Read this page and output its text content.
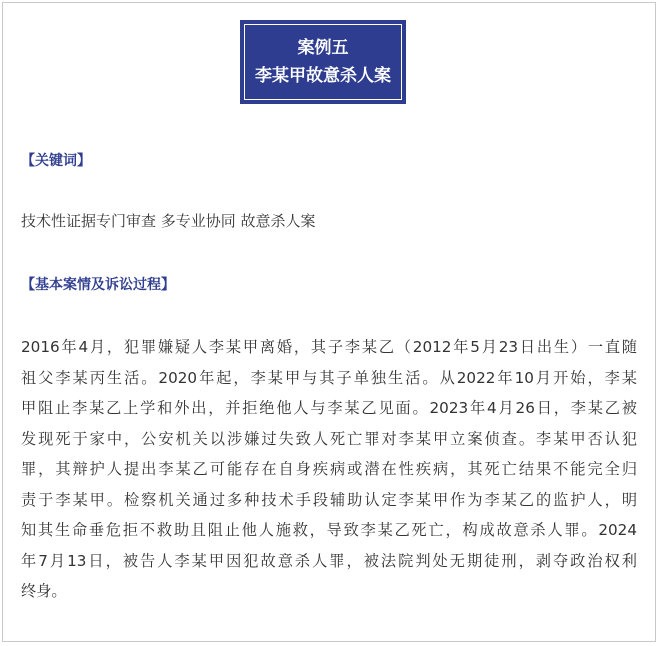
案例五
李某甲故意杀人案
【关键词】
技术性证据专门审查 多专业协同 故意杀人案
【基本案情及诉讼过程】
2016年4月，犯罪嫌疑人李某甲离婚，其子李某乙（2012年5月23日出生）一直随
祖父李某丙生活。2020年起，李某甲与其子单独生活。从2022年10月开始，李某
甲阻止李某乙上学和外出，并拒绝他人与李某乙见面。2023年4月26日，李某乙被
发现死于家中，公安机关以涉嫌过失致人死亡罪对李某甲立案侦查。李某甲否认犯
罪，其辩护人提出李某乙可能存在自身疾病或潜在性疾病，其死亡结果不能完全归
责于李某甲。检察机关通过多种技术手段辅助认定李某甲作为李某乙的监护人，明
知其生命垂危拒不救助且阻止他人施救，导致李某乙死亡，构成故意杀人罪。2024
年7月13日，被告人李某甲因犯故意杀人罪，被法院判处无期徒刑，剥夺政治权利
终身。
